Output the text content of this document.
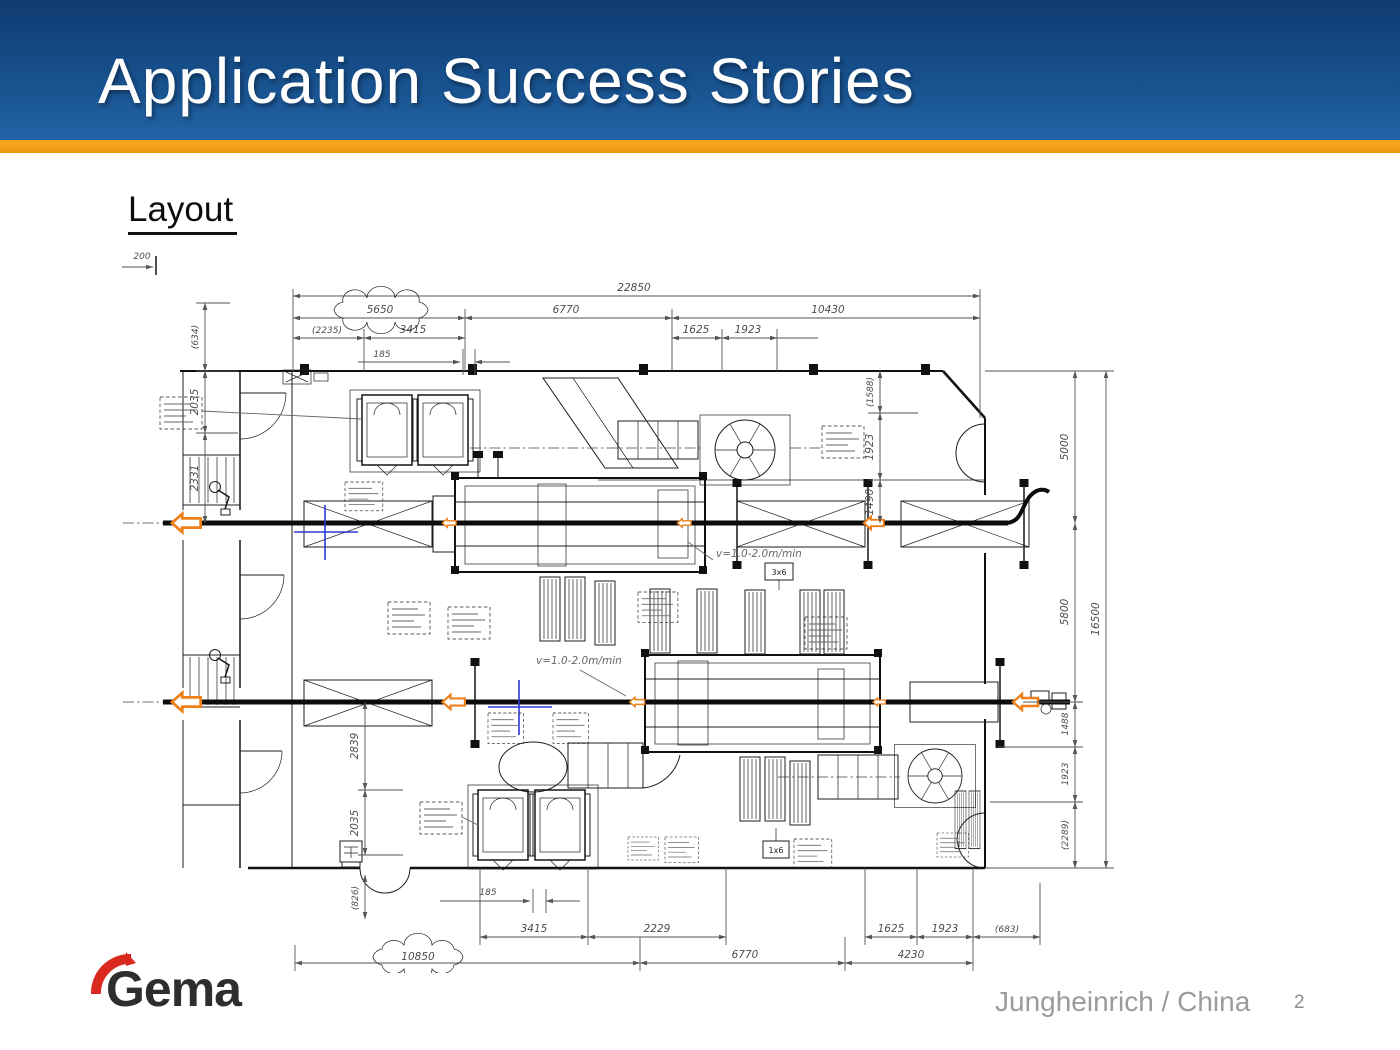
Application Success Stories
Layout
200
3x6
1x6
v=1.0-2.0m/min
v=1.0-2.0m/min
22850
5650	6770	10430
(2235)	3415	1625 1923
185
(634)
2035
2331
2839
2035
(1588)
1923
1490
5000
5800
1488
1923
(2289)
16500
(826)	185
3415	2229	1625	1923	(683)
10850	6770	4230
Gema	Jungheinrich / China 2
